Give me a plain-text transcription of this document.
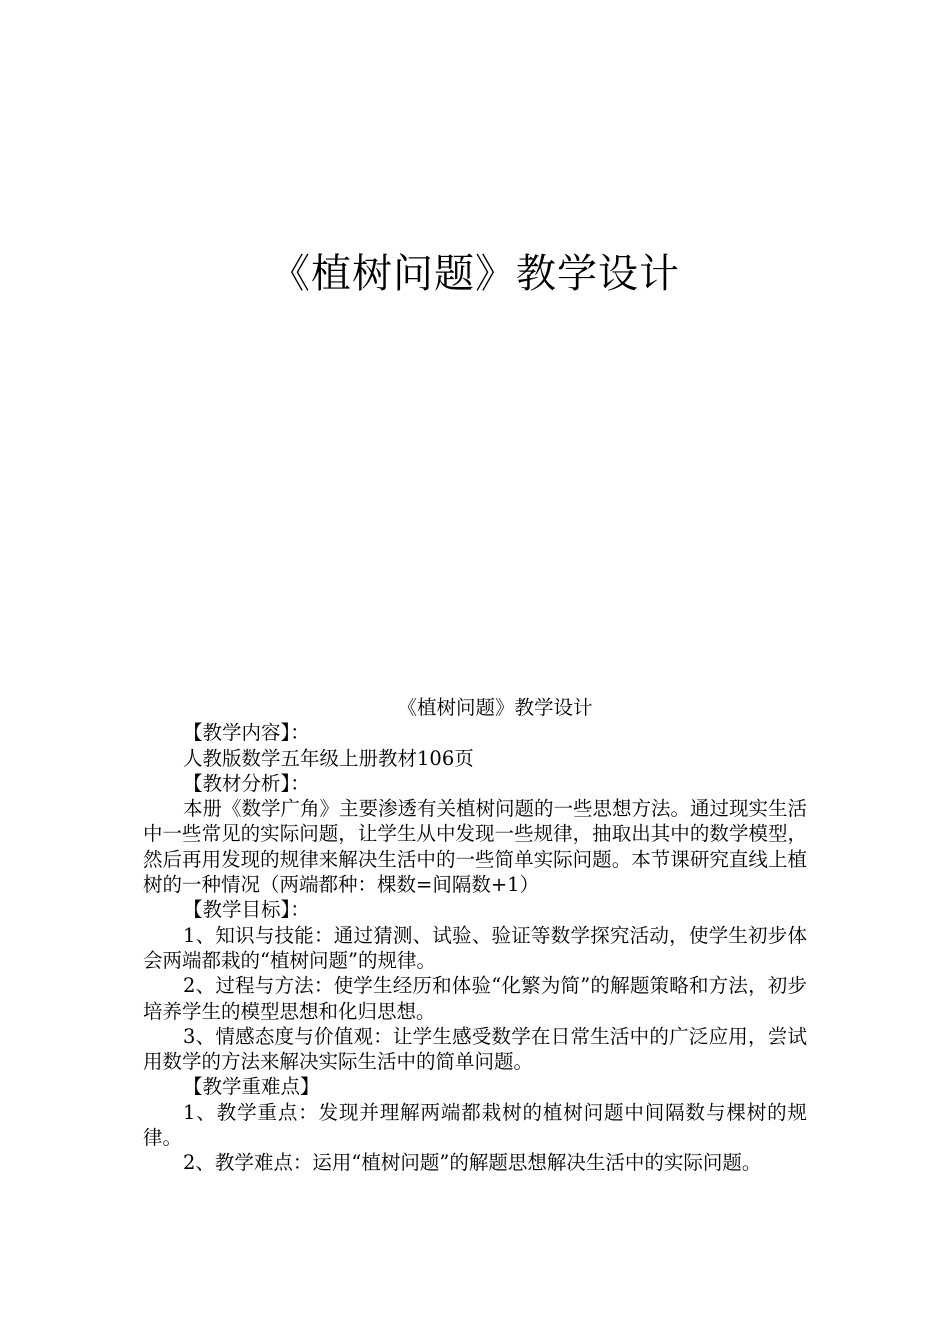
《植树问题》教学设计
《植树问题》教学设计

【教学内容】：

人教版数学五年级上册教材106页

【教材分析】：

本册《数学广角》主要渗透有关植树问题的一些思想方法。通过现实生活中一些常见的实际问题，让学生从中发现一些规律，抽取出其中的数学模型，然后再用发现的规律来解决生活中的一些简单实际问题。本节课研究直线上植树的一种情况（两端都种：棵数=间隔数+1）

【教学目标】：

1、知识与技能：通过猜测、试验、验证等数学探究活动，使学生初步体会两端都栽的“植树问题”的规律。

2、过程与方法：使学生经历和体验“化繁为简”的解题策略和方法，初步培养学生的模型思想和化归思想。

3、情感态度与价值观：让学生感受数学在日常生活中的广泛应用，尝试用数学的方法来解决实际生活中的简单问题。

【教学重难点】

1、教学重点：发现并理解两端都栽树的植树问题中间隔数与棵树的规律。

2、教学难点：运用“植树问题”的解题思想解决生活中的实际问题。
